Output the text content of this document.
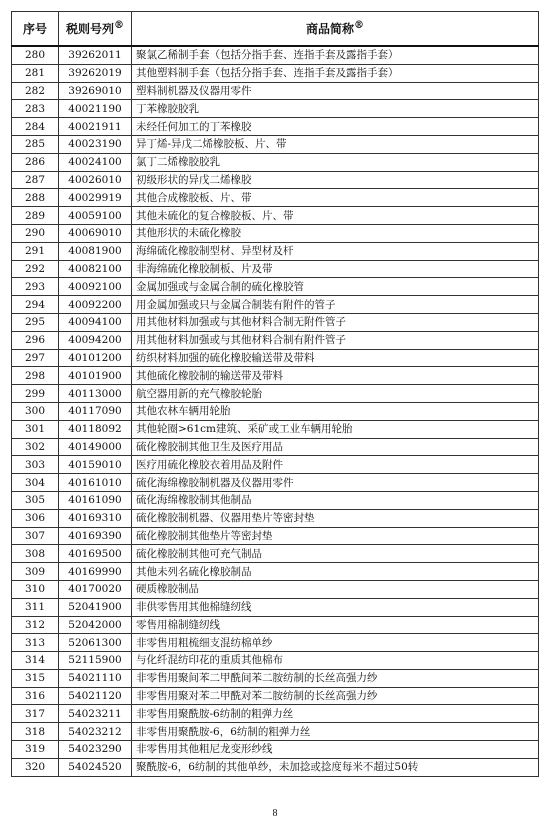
序号	税则号列®	商品简称®
280	39262011	聚氯乙稀制手套（包括分指手套、连指手套及露指手套）
281	39262019	其他塑料制手套（包括分指手套、连指手套及露指手套）
282	39269010	塑料制机器及仪器用零件
283	40021190	丁苯橡胶胶乳
284	40021911	未经任何加工的丁苯橡胶
285	40023190	异丁烯-异戊二烯橡胶板、片、带
286	40024100	氯丁二烯橡胶胶乳
287	40026010	初级形状的异戊二烯橡胶
288	40029919	其他合成橡胶板、片、带
289	40059100	其他未硫化的复合橡胶板、片、带
290	40069010	其他形状的未硫化橡胶
291	40081900	海绵硫化橡胶制型材、异型材及杆
292	40082100	非海绵硫化橡胶制板、片及带
293	40092100	金属加强或与金属合制的硫化橡胶管
294	40092200	用金属加强或只与金属合制装有附件的管子
295	40094100	用其他材料加强或与其他材料合制无附件管子
296	40094200	用其他材料加强或与其他材料合制有附件管子
297	40101200	纺织材料加强的硫化橡胶输送带及带料
298	40101900	其他硫化橡胶制的输送带及带料
299	40113000	航空器用新的充气橡胶轮胎
300	40117090	其他农林车辆用轮胎
301	40118092	其他轮圈>61cm建筑、采矿或工业车辆用轮胎
302	40149000	硫化橡胶制其他卫生及医疗用品
303	40159010	医疗用硫化橡胶衣着用品及附件
304	40161010	硫化海绵橡胶制机器及仪器用零件
305	40161090	硫化海绵橡胶制其他制品
306	40169310	硫化橡胶制机器、仪器用垫片等密封垫
307	40169390	硫化橡胶制其他垫片等密封垫
308	40169500	硫化橡胶制其他可充气制品
309	40169990	其他未列名硫化橡胶制品
310	40170020	硬质橡胶制品
311	52041900	非供零售用其他棉缝纫线
312	52042000	零售用棉制缝纫线
313	52061300	非零售用粗梳细支混纺棉单纱
314	52115900	与化纤混纺印花的重质其他棉布
315	54021110	非零售用聚间苯二甲酰间苯二胺纺制的长丝高强力纱
316	54021120	非零售用聚对苯二甲酰对苯二胺纺制的长丝高强力纱
317	54023211	非零售用聚酰胺-6纺制的粗弹力丝
318	54023212	非零售用聚酰胺-6，6纺制的粗弹力丝
319	54023290	非零售用其他粗尼龙变形纱线
320	54024520	聚酰胺-6，6纺制的其他单纱，未加捻或捻度每米不超过50转
8
